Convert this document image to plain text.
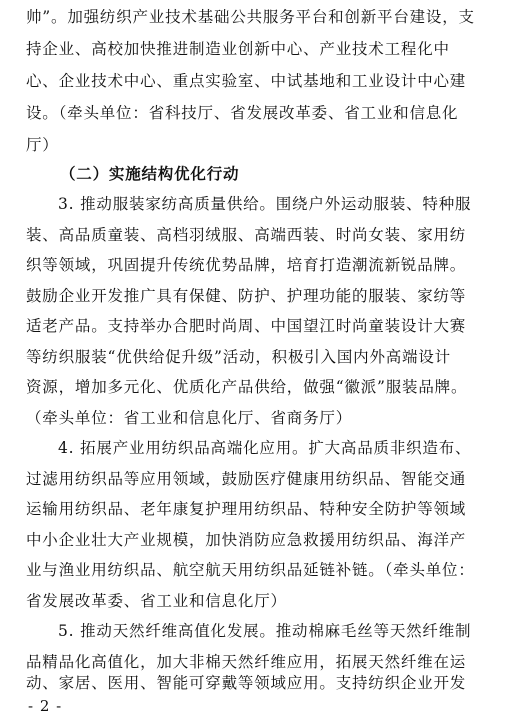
帅”。加强纺织产业技术基础公共服务平台和创新平台建设，支
持企业、高校加快推进制造业创新中心、产业技术工程化中
心、企业技术中心、重点实验室、中试基地和工业设计中心建
设。（牵头单位：省科技厅、省发展改革委、省工业和信息化
厅）
（二）实施结构优化行动
3. 推动服装家纺高质量供给。围绕户外运动服装、特种服
装、高品质童装、高档羽绒服、高端西装、时尚女装、家用纺
织等领域，巩固提升传统优势品牌，培育打造潮流新锐品牌。
鼓励企业开发推广具有保健、防护、护理功能的服装、家纺等
适老产品。支持举办合肥时尚周、中国望江时尚童装设计大赛
等纺织服装“优供给促升级”活动，积极引入国内外高端设计
资源，增加多元化、优质化产品供给，做强“徽派”服装品牌。
（牵头单位：省工业和信息化厅、省商务厅）
4. 拓展产业用纺织品高端化应用。扩大高品质非织造布、
过滤用纺织品等应用领域，鼓励医疗健康用纺织品、智能交通
运输用纺织品、老年康复护理用纺织品、特种安全防护等领域
中小企业壮大产业规模，加快消防应急救援用纺织品、海洋产
业与渔业用纺织品、航空航天用纺织品延链补链。（牵头单位：
省发展改革委、省工业和信息化厅）
5. 推动天然纤维高值化发展。推动棉麻毛丝等天然纤维制
品精品化高值化，加大非棉天然纤维应用，拓展天然纤维在运
动、家居、医用、智能可穿戴等领域应用。支持纺织企业开发
- 2 -
